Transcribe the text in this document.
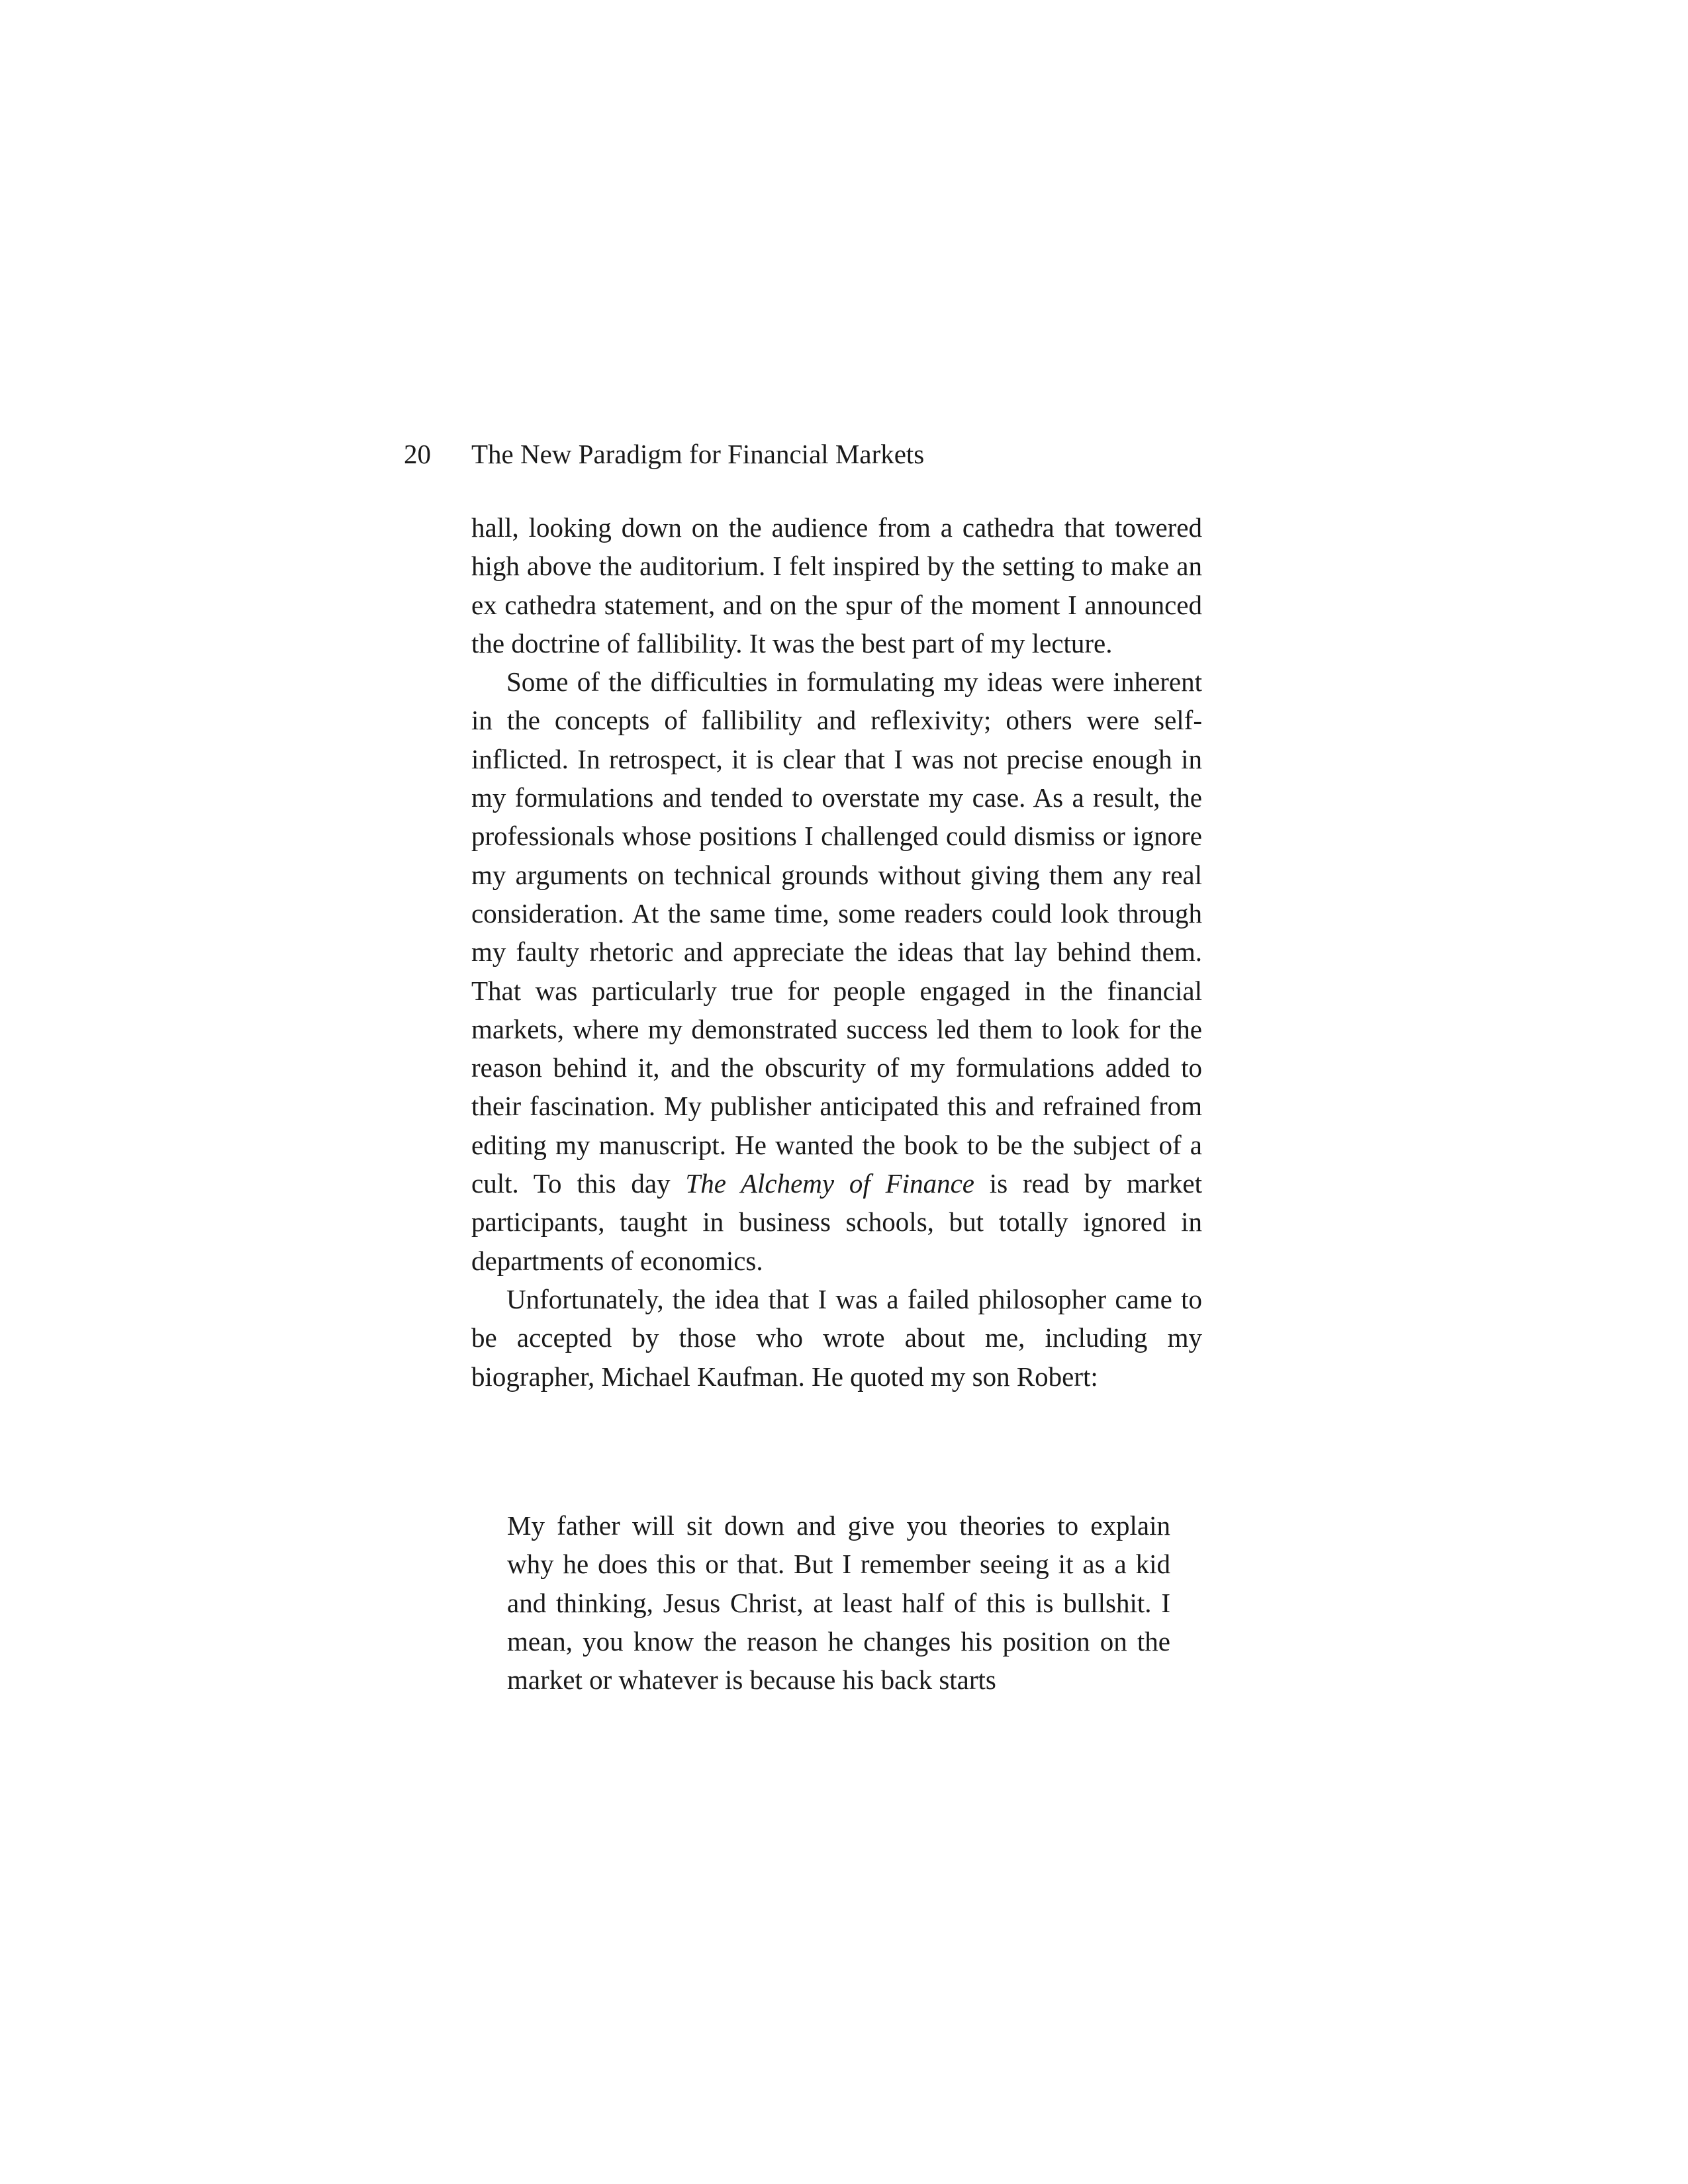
20 The New Paradigm for Financial Markets

hall, looking down on the audience from a cathedra that towered high above the auditorium. I felt inspired by the setting to make an ex cathedra statement, and on the spur of the moment I announced the doctrine of fallibility. It was the best part of my lecture.

Some of the difficulties in formulating my ideas were inherent in the concepts of fallibility and reflexivity; others were self-inflicted. In retrospect, it is clear that I was not precise enough in my formulations and tended to overstate my case. As a result, the professionals whose positions I challenged could dismiss or ignore my arguments on technical grounds without giving them any real consideration. At the same time, some readers could look through my faulty rhetoric and appreciate the ideas that lay behind them. That was particularly true for people engaged in the financial markets, where my demonstrated success led them to look for the reason behind it, and the obscurity of my formulations added to their fascination. My publisher anticipated this and refrained from editing my manuscript. He wanted the book to be the subject of a cult. To this day The Alchemy of Finance is read by market participants, taught in business schools, but totally ignored in departments of economics.

Unfortunately, the idea that I was a failed philosopher came to be accepted by those who wrote about me, including my biographer, Michael Kaufman. He quoted my son Robert:

My father will sit down and give you theories to explain why he does this or that. But I remember seeing it as a kid and thinking, Jesus Christ, at least half of this is bullshit. I mean, you know the reason he changes his position on the market or whatever is because his back starts
